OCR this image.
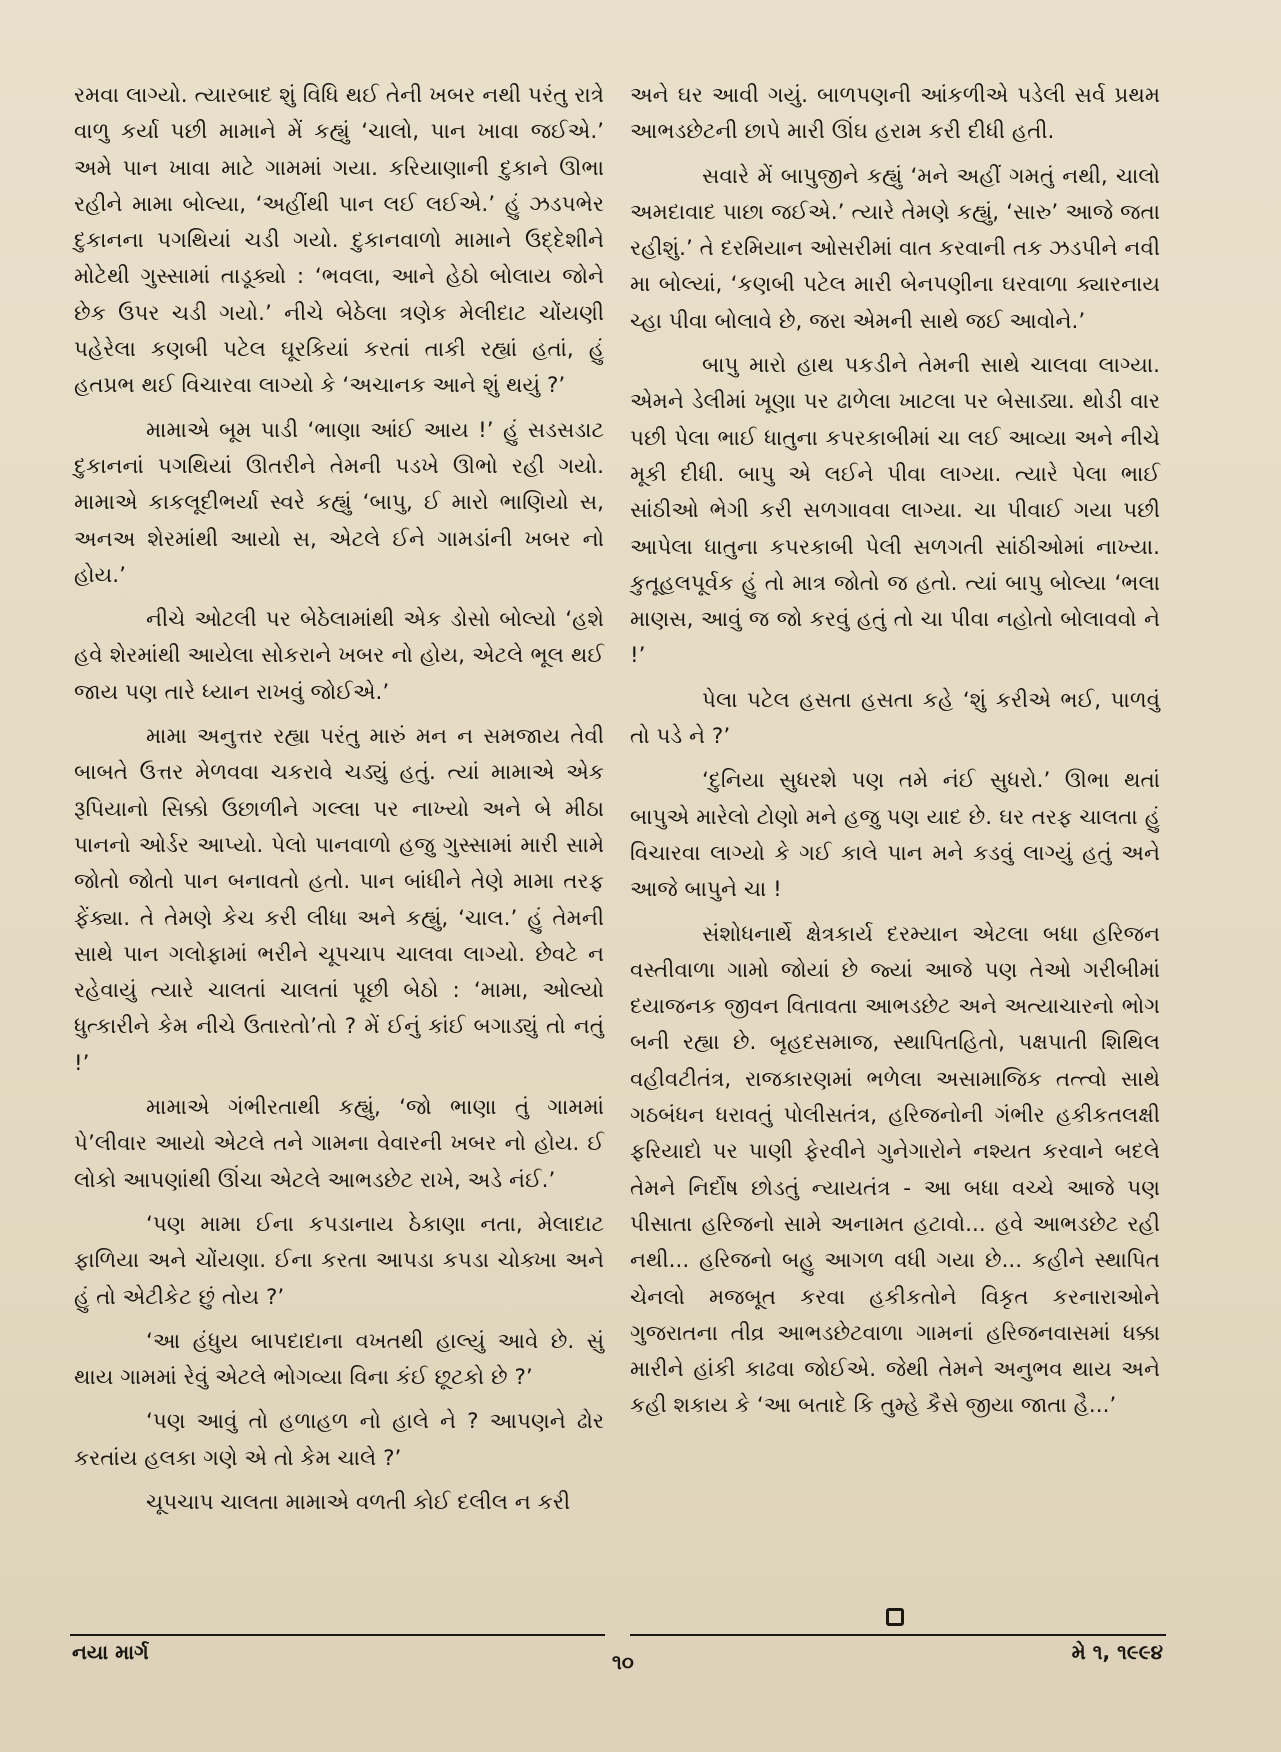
રમવા લાગ્યો. ત્યારબાદ શું વિધિ થઈ તેની ખબર નથી પરંતુ રાત્રે વાળુ કર્યા પછી મામાને મેં કહ્યું ‘ચાલો, પાન ખાવા જઈએ.’ અમે પાન ખાવા માટે ગામમાં ગયા. કરિયાણાની દુકાને ઊભા રહીને મામા બોલ્યા, ‘અહીંથી પાન લઈ લઈએ.’ હું ઝડપભેર દુકાનના પગથિયાં ચડી ગયો. દુકાનવાળો મામાને ઉદ્દેશીને મોટેથી ગુસ્સામાં તાડૂક્યો : ‘ભવલા, આને હેઠો બોલાય જોને છેક ઉપર ચડી ગયો.’ નીચે બેઠેલા ત્રણેક મેલીદાટ ચોંયણી પહેરેલા કણબી પટેલ ઘૂરકિયાં કરતાં તાકી રહ્યાં હતાં, હું હતપ્રભ થઈ વિચારવા લાગ્યો કે ‘અચાનક આને શું થયું ?’

મામાએ બૂમ પાડી ‘ભાણા આંઈ આય !’ હું સડસડાટ દુકાનનાં પગથિયાં ઊતરીને તેમની પડખે ઊભો રહી ગયો. મામાએ કાકલૂદીભર્યા સ્વરે કહ્યું ‘બાપુ, ઈ મારો ભાણિયો સ, અનઅ શેરમાંથી આયો સ, એટલે ઈને ગામડાંની ખબર નો હોય.’

નીચે ઓટલી પર બેઠેલામાંથી એક ડોસો બોલ્યો ‘હશે હવે શેરમાંથી આયેલા સોકરાને ખબર નો હોય, એટલે ભૂલ થઈ જાય પણ તારે ધ્યાન રાખવું જોઈએ.’

મામા અનુત્તર રહ્યા પરંતુ મારું મન ન સમજાય તેવી બાબતે ઉત્તર મેળવવા ચકરાવે ચડ્યું હતું. ત્યાં મામાએ એક રૂપિયાનો સિક્કો ઉછાળીને ગલ્લા પર નાખ્યો અને બે મીઠા પાનનો ઓર્ડર આપ્યો. પેલો પાનવાળો હજુ ગુસ્સામાં મારી સામે જોતો જોતો પાન બનાવતો હતો. પાન બાંધીને તેણે મામા તરફ ફેંક્યા. તે તેમણે કેચ કરી લીધા અને કહ્યું, ‘ચાલ.’ હું તેમની સાથે પાન ગલોફામાં ભરીને ચૂપચાપ ચાલવા લાગ્યો. છેવટે ન રહેવાયું ત્યારે ચાલતાં ચાલતાં પૂછી બેઠો : ‘મામા, ઓલ્યો ધુત્કારીને કેમ નીચે ઉતારતો’તો ? મેં ઈનું કાંઈ બગાડ્યું તો નતું !’

મામાએ ગંભીરતાથી કહ્યું, ‘જો ભાણા તું ગામમાં પે’લીવાર આયો એટલે તને ગામના વેવારની ખબર નો હોય. ઈ લોકો આપણાંથી ઊંચા એટલે આભડછેટ રાખે, અડે નંઈ.’

‘પણ મામા ઈના કપડાનાય ઠેકાણા નતા, મેલાદાટ ફાળિયા અને ચોંયણા. ઈના કરતા આપડા કપડા ચોક્ખા અને હું તો એટીકેટ છું તોય ?’

‘આ હંધુય બાપદાદાના વખતથી હાલ્યું આવે છે. સું થાય ગામમાં રેવું એટલે ભોગવ્યા વિના કંઈ છૂટકો છે ?’

‘પણ આવું તો હળાહળ નો હાલે ને ? આપણને ઢોર કરતાંય હલકા ગણે એ તો કેમ ચાલે ?’

ચૂપચાપ ચાલતા મામાએ વળતી કોઈ દલીલ ન કરી

અને ઘર આવી ગયું. બાળપણની આંકળીએ પડેલી સર્વ પ્રથમ આભડછેટની છાપે મારી ઊંઘ હરામ કરી દીધી હતી.

સવારે મેં બાપુજીને કહ્યું ‘મને અહીં ગમતું નથી, ચાલો અમદાવાદ પાછા જઈએ.’ ત્યારે તેમણે કહ્યું, ‘સારુ’ આજે જતા રહીશું.’ તે દરમિયાન ઓસરીમાં વાત કરવાની તક ઝડપીને નવી મા બોલ્યાં, ‘કણબી પટેલ મારી બેનપણીના ઘરવાળા ક્યારનાય ચ્હા પીવા બોલાવે છે, જરા એમની સાથે જઈ આવોને.’

બાપુ મારો હાથ પકડીને તેમની સાથે ચાલવા લાગ્યા. એમને ડેલીમાં ખૂણા પર ઢાળેલા ખાટલા પર બેસાડ્યા. થોડી વાર પછી પેલા ભાઈ ધાતુના કપરકાબીમાં ચા લઈ આવ્યા અને નીચે મૂકી દીધી. બાપુ એ લઈને પીવા લાગ્યા. ત્યારે પેલા ભાઈ સાંઠીઓ ભેગી કરી સળગાવવા લાગ્યા. ચા પીવાઈ ગયા પછી આપેલા ધાતુના કપરકાબી પેલી સળગતી સાંઠીઓમાં નાખ્યા. કુતૂહલપૂર્વક હું તો માત્ર જોતો જ હતો. ત્યાં બાપુ બોલ્યા ‘ભલા માણસ, આવું જ જો કરવું હતું તો ચા પીવા નહોતો બોલાવવો ને !’

પેલા પટેલ હસતા હસતા કહે ‘શું કરીએ ભઈ, પાળવું તો પડે ને ?’

‘દુનિયા સુધરશે પણ તમે નંઈ સુધરો.’ ઊભા થતાં બાપુએ મારેલો ટોણો મને હજુ પણ યાદ છે. ઘર તરફ ચાલતા હું વિચારવા લાગ્યો કે ગઈ કાલે પાન મને કડવું લાગ્યું હતું અને આજે બાપુને ચા !

સંશોધનાર્થે ક્ષેત્રકાર્ય દરમ્યાન એટલા બધા હરિજન વસ્તીવાળા ગામો જોયાં છે જ્યાં આજે પણ તેઓ ગરીબીમાં દયાજનક જીવન વિતાવતા આભડછેટ અને અત્યાચારનો ભોગ બની રહ્યા છે. બૃહદસમાજ, સ્થાપિતહિતો, પક્ષપાતી શિથિલ વહીવટીતંત્ર, રાજકારણમાં ભળેલા અસામાજિક તત્ત્વો સાથે ગઠબંધન ધરાવતું પોલીસતંત્ર, હરિજનોની ગંભીર હકીકતલક્ષી ફરિયાદો પર પાણી ફેરવીને ગુનેગારોને નશ્યત કરવાને બદલે તેમને નિર્દોષ છોડતું ન્યાયતંત્ર - આ બધા વચ્ચે આજે પણ પીસાતા હરિજનો સામે અનામત હટાવો... હવે આભડછેટ રહી નથી... હરિજનો બહુ આગળ વધી ગયા છે... કહીને સ્થાપિત ચેનલો મજબૂત કરવા હકીકતોને વિકૃત કરનારાઓને ગુજરાતના તીવ્ર આભડછેટવાળા ગામનાં હરિજનવાસમાં ધક્કા મારીને હાંકી કાઢવા જોઈએ. જેથી તેમને અનુભવ થાય અને કહી શકાય કે ‘આ બતાદે કિ તુમ્હે કૈસે જીયા જાતા હૈ...’

નયા માર્ગ	૧૦	મે ૧, ૧૯૯૪
